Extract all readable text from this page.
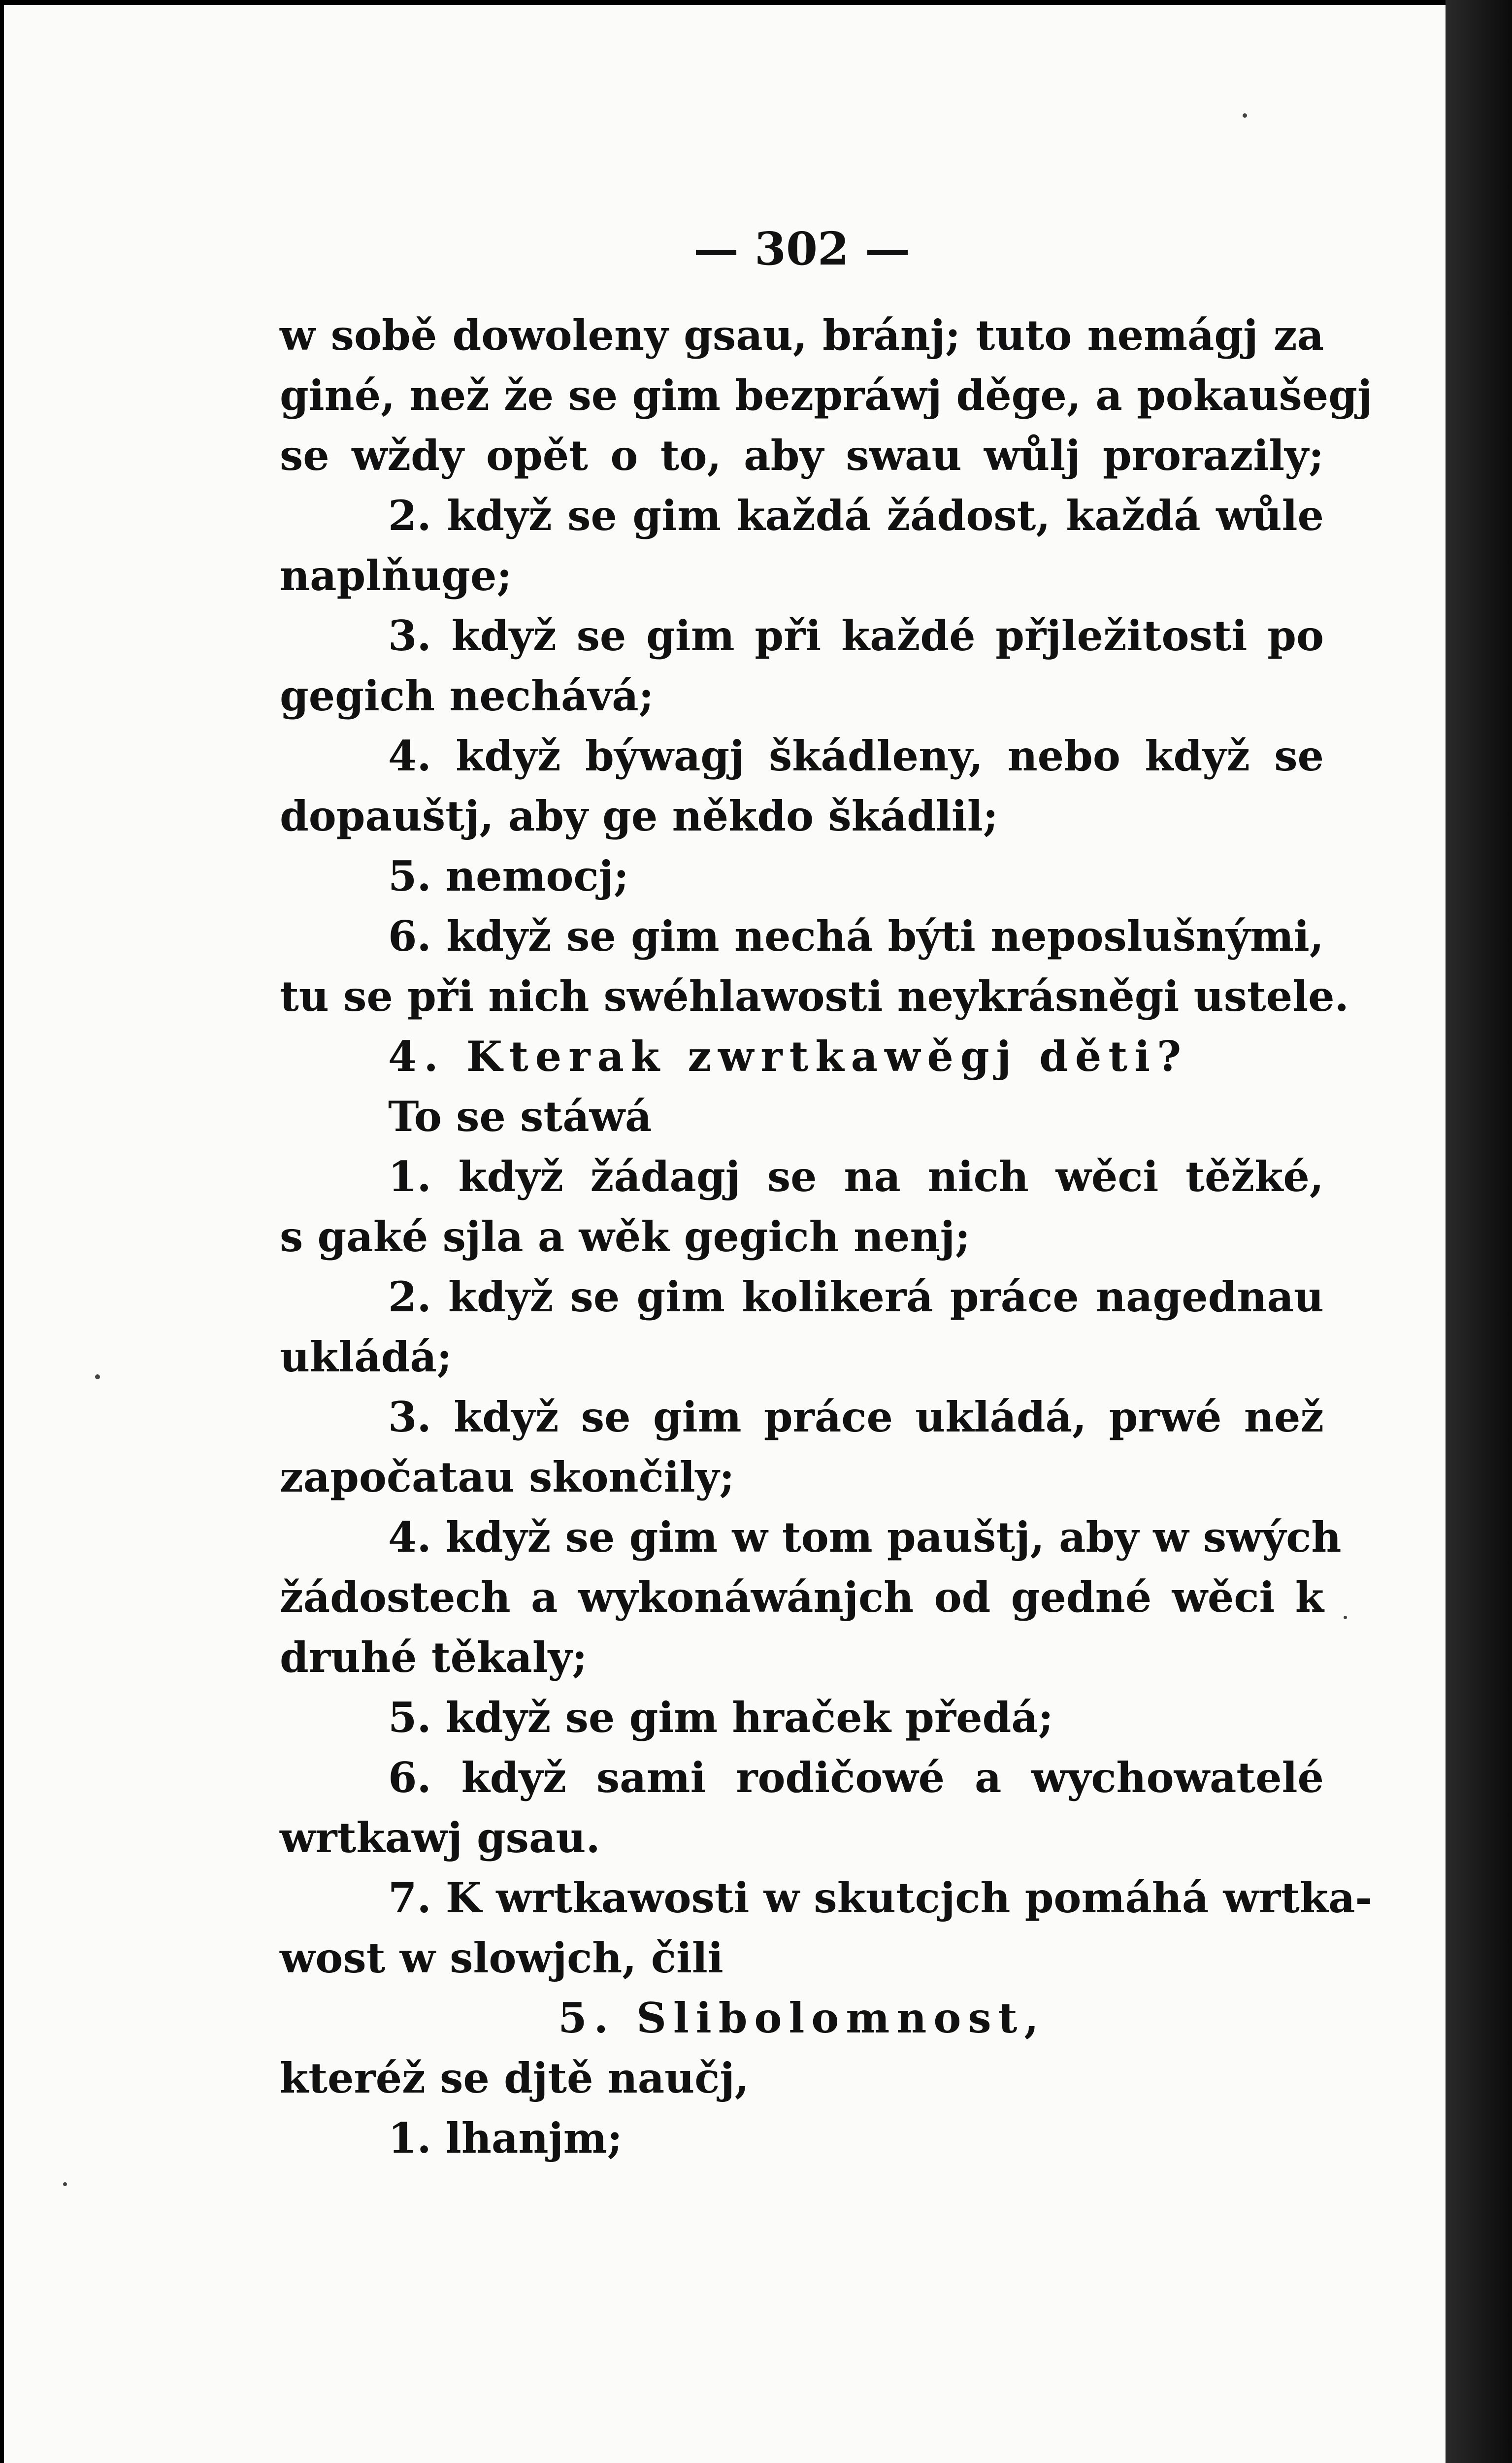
— 302 —
w sobě dowoleny gsau, bránj; tuto nemágj za
giné, než že se gim bezpráwj děge, a pokaušegj
se wždy opět o to, aby swau wůlj prorazily;
2. když se gim každá žádost, každá wůle
naplňuge;
3. když se gim při každé přjležitosti po
gegich nechává;
4. když býwagj škádleny, nebo když se
dopauštj, aby ge někdo škádlil;
5. nemocj;
6. když se gim nechá býti neposlušnými,
tu se při nich swéhlawosti neykrásněgi ustele.
4. Kterak zwrtkawěgj děti?
To se stáwá
1. když žádagj se na nich wěci těžké,
s gaké sjla a wěk gegich nenj;
2. když se gim kolikerá práce nagednau
ukládá;
3. když se gim práce ukládá, prwé než
započatau skončily;
4. když se gim w tom pauštj, aby w swých
žádostech a wykonáwánjch od gedné wěci k
druhé těkaly;
5. když se gim hraček předá;
6. když sami rodičowé a wychowatelé
wrtkawj gsau.
7. K wrtkawosti w skutcjch pomáhá wrtka-
wost w slowjch, čili
5. Slibolomnost,
kteréž se djtě naučj,
1. lhanjm;
